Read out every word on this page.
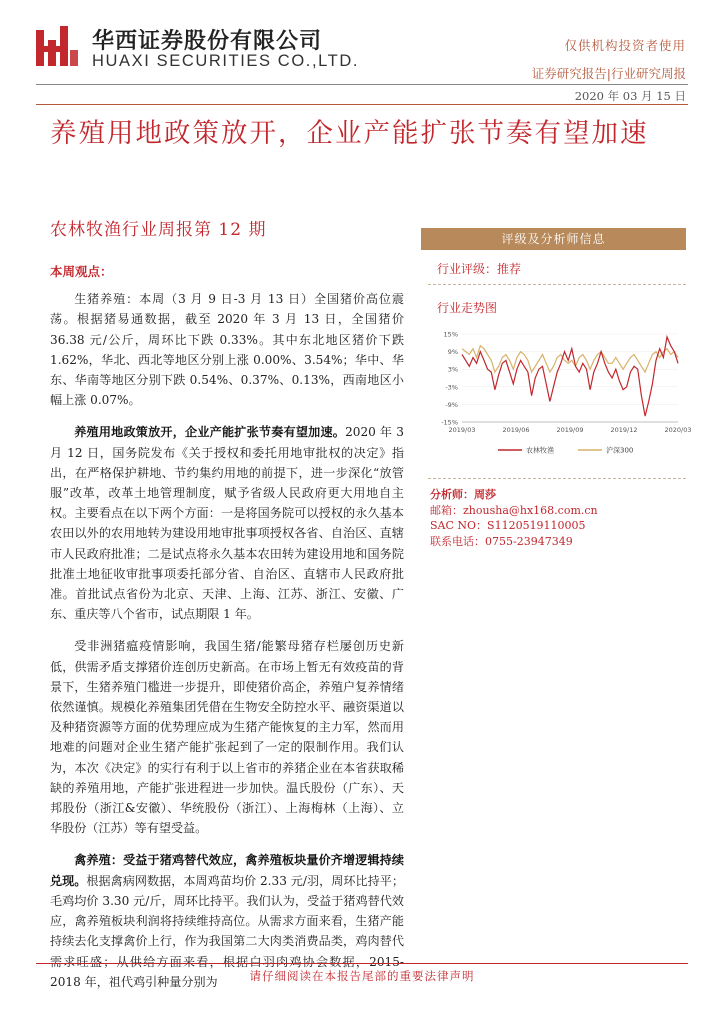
华西证券股份有限公司
HUAXI SECURITIES CO.,LTD.
仅供机构投资者使用
证券研究报告|行业研究周报
2020 年 03 月 15 日
养殖用地政策放开，企业产能扩张节奏有望加速
农林牧渔行业周报第 12 期

本周观点：

生猪养殖：本周（3 月 9 日-3 月 13 日）全国猪价高位震荡。根据猪易通数据，截至 2020 年 3 月 13 日，全国猪价 36.38 元/公斤，周环比下跌 0.33%。其中东北地区猪价下跌 1.62%，华北、西北等地区分别上涨 0.00%、3.54%；华中、华东、华南等地区分别下跌 0.54%、0.37%、0.13%，西南地区小幅上涨 0.07%。

养殖用地政策放开，企业产能扩张节奏有望加速。2020 年 3 月 12 日，国务院发布《关于授权和委托用地审批权的决定》指出，在严格保护耕地、节约集约用地的前提下，进一步深化“放管服”改革，改革土地管理制度，赋予省级人民政府更大用地自主权。主要看点在以下两个方面：一是将国务院可以授权的永久基本农田以外的农用地转为建设用地审批事项授权各省、自治区、直辖市人民政府批准；二是试点将永久基本农田转为建设用地和国务院批准土地征收审批事项委托部分省、自治区、直辖市人民政府批准。首批试点省份为北京、天津、上海、江苏、浙江、安徽、广东、重庆等八个省市，试点期限 1 年。

受非洲猪瘟疫情影响，我国生猪/能繁母猪存栏屡创历史新低，供需矛盾支撑猪价连创历史新高。在市场上暂无有效疫苗的背景下，生猪养殖门槛进一步提升，即使猪价高企，养殖户复养情绪依然谨慎。规模化养殖集团凭借在生物安全防控水平、融资渠道以及种猪资源等方面的优势理应成为生猪产能恢复的主力军，然而用地难的问题对企业生猪产能扩张起到了一定的限制作用。我们认为，本次《决定》的实行有利于以上省市的养猪企业在本省获取稀缺的养殖用地，产能扩张进程进一步加快。温氏股份（广东）、天邦股份（浙江&安徽）、华统股份（浙江）、上海梅林（上海）、立华股份（江苏）等有望受益。

禽养殖：受益于猪鸡替代效应，禽养殖板块量价齐增逻辑持续兑现。根据禽病网数据，本周鸡苗均价 2.33 元/羽，周环比持平；毛鸡均价 3.30 元/斤，周环比持平。我们认为，受益于猪鸡替代效应，禽养殖板块利润将持续维持高位。从需求方面来看，生猪产能持续去化支撑禽价上行，作为我国第二大肉类消费品类，鸡肉替代需求旺盛；从供给方面来看，根据白羽肉鸡协会数据，2015-2018 年，祖代鸡引种量分别为

评级及分析师信息
行业评级：推荐
行业走势图
15%
9%
3%
-3%
-9%
-15%
2019/03	2019/06	2019/09	2019/12	2020/03
农林牧渔	沪深300
分析师：周莎
邮箱：zhousha@hx168.com.cn
SAC NO：S1120519110005
联系电话：0755-23947349
请仔细阅读在本报告尾部的重要法律声明
